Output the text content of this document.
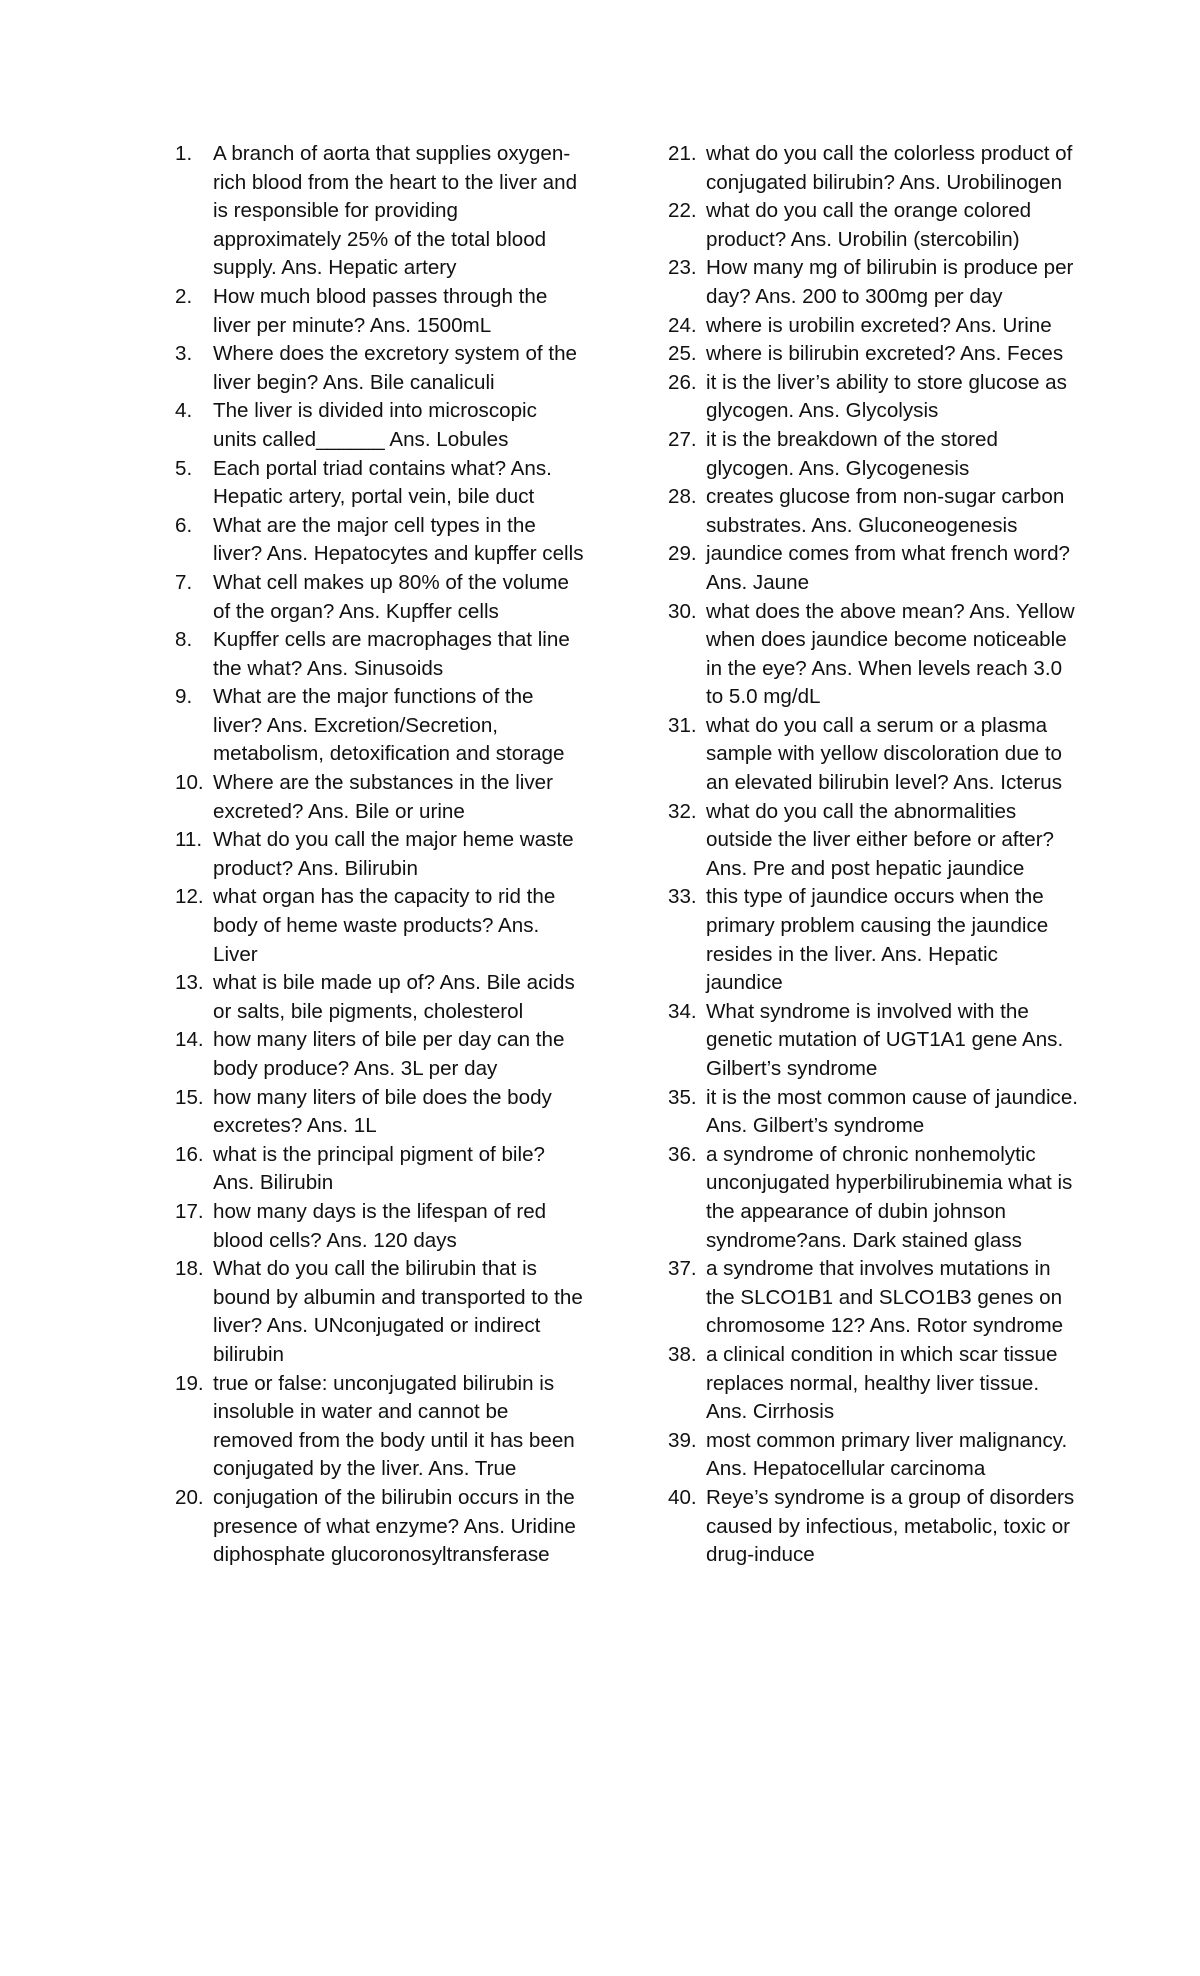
1. A branch of aorta that supplies oxygen- rich blood from the heart to the liver and is responsible for providing approximately 25% of the total blood supply. Ans. Hepatic artery
2. How much blood passes through the liver per minute? Ans. 1500mL
3. Where does the excretory system of the liver begin? Ans. Bile canaliculi
4. The liver is divided into microscopic units called______ Ans. Lobules
5. Each portal triad contains what? Ans. Hepatic artery, portal vein, bile duct
6. What are the major cell types in the liver? Ans. Hepatocytes and kupffer cells
7. What cell makes up 80% of the volume of the organ? Ans. Kupffer cells
8. Kupffer cells are macrophages that line the what? Ans. Sinusoids
9. What are the major functions of the liver? Ans. Excretion/Secretion, metabolism, detoxification and storage
10. Where are the substances in the liver excreted? Ans. Bile or urine
11. What do you call the major heme waste product? Ans. Bilirubin
12. what organ has the capacity to rid the body of heme waste products? Ans. Liver
13. what is bile made up of? Ans. Bile acids or salts, bile pigments, cholesterol
14. how many liters of bile per day can the body produce? Ans. 3L per day
15. how many liters of bile does the body excretes? Ans. 1L
16. what is the principal pigment of bile? Ans. Bilirubin
17. how many days is the lifespan of red blood cells? Ans. 120 days
18. What do you call the bilirubin that is bound by albumin and transported to the liver? Ans. UNconjugated or indirect bilirubin
19. true or false: unconjugated bilirubin is insoluble in water and cannot be removed from the body until it has been conjugated by the liver. Ans. True
20. conjugation of the bilirubin occurs in the presence of what enzyme? Ans. Uridine diphosphate glucoronosyltransferase
21. what do you call the colorless product of conjugated bilirubin? Ans. Urobilinogen
22. what do you call the orange colored product? Ans. Urobilin (stercobilin)
23. How many mg of bilirubin is produce per day? Ans. 200 to 300mg per day
24. where is urobilin excreted? Ans. Urine
25. where is bilirubin excreted? Ans. Feces
26. it is the liver’s ability to store glucose as glycogen. Ans. Glycolysis
27. it is the breakdown of the stored glycogen. Ans. Glycogenesis
28. creates glucose from non-sugar carbon substrates. Ans. Gluconeogenesis
29. jaundice comes from what french word? Ans. Jaune
30. what does the above mean? Ans. Yellow when does jaundice become noticeable in the eye? Ans. When levels reach 3.0 to 5.0 mg/dL
31. what do you call a serum or a plasma sample with yellow discoloration due to an elevated bilirubin level? Ans. Icterus
32. what do you call the abnormalities outside the liver either before or after? Ans. Pre and post hepatic jaundice
33. this type of jaundice occurs when the primary problem causing the jaundice resides in the liver. Ans. Hepatic jaundice
34. What syndrome is involved with the genetic mutation of UGT1A1 gene Ans. Gilbert’s syndrome
35. it is the most common cause of jaundice. Ans. Gilbert’s syndrome
36. a syndrome of chronic nonhemolytic unconjugated hyperbilirubinemia what is the appearance of dubin johnson syndrome?ans. Dark stained glass
37. a syndrome that involves mutations in the SLCO1B1 and SLCO1B3 genes on chromosome 12? Ans. Rotor syndrome
38. a clinical condition in which scar tissue replaces normal, healthy liver tissue. Ans. Cirrhosis
39. most common primary liver malignancy. Ans. Hepatocellular carcinoma
40. Reye’s syndrome is a group of disorders caused by infectious, metabolic, toxic or drug-induce
